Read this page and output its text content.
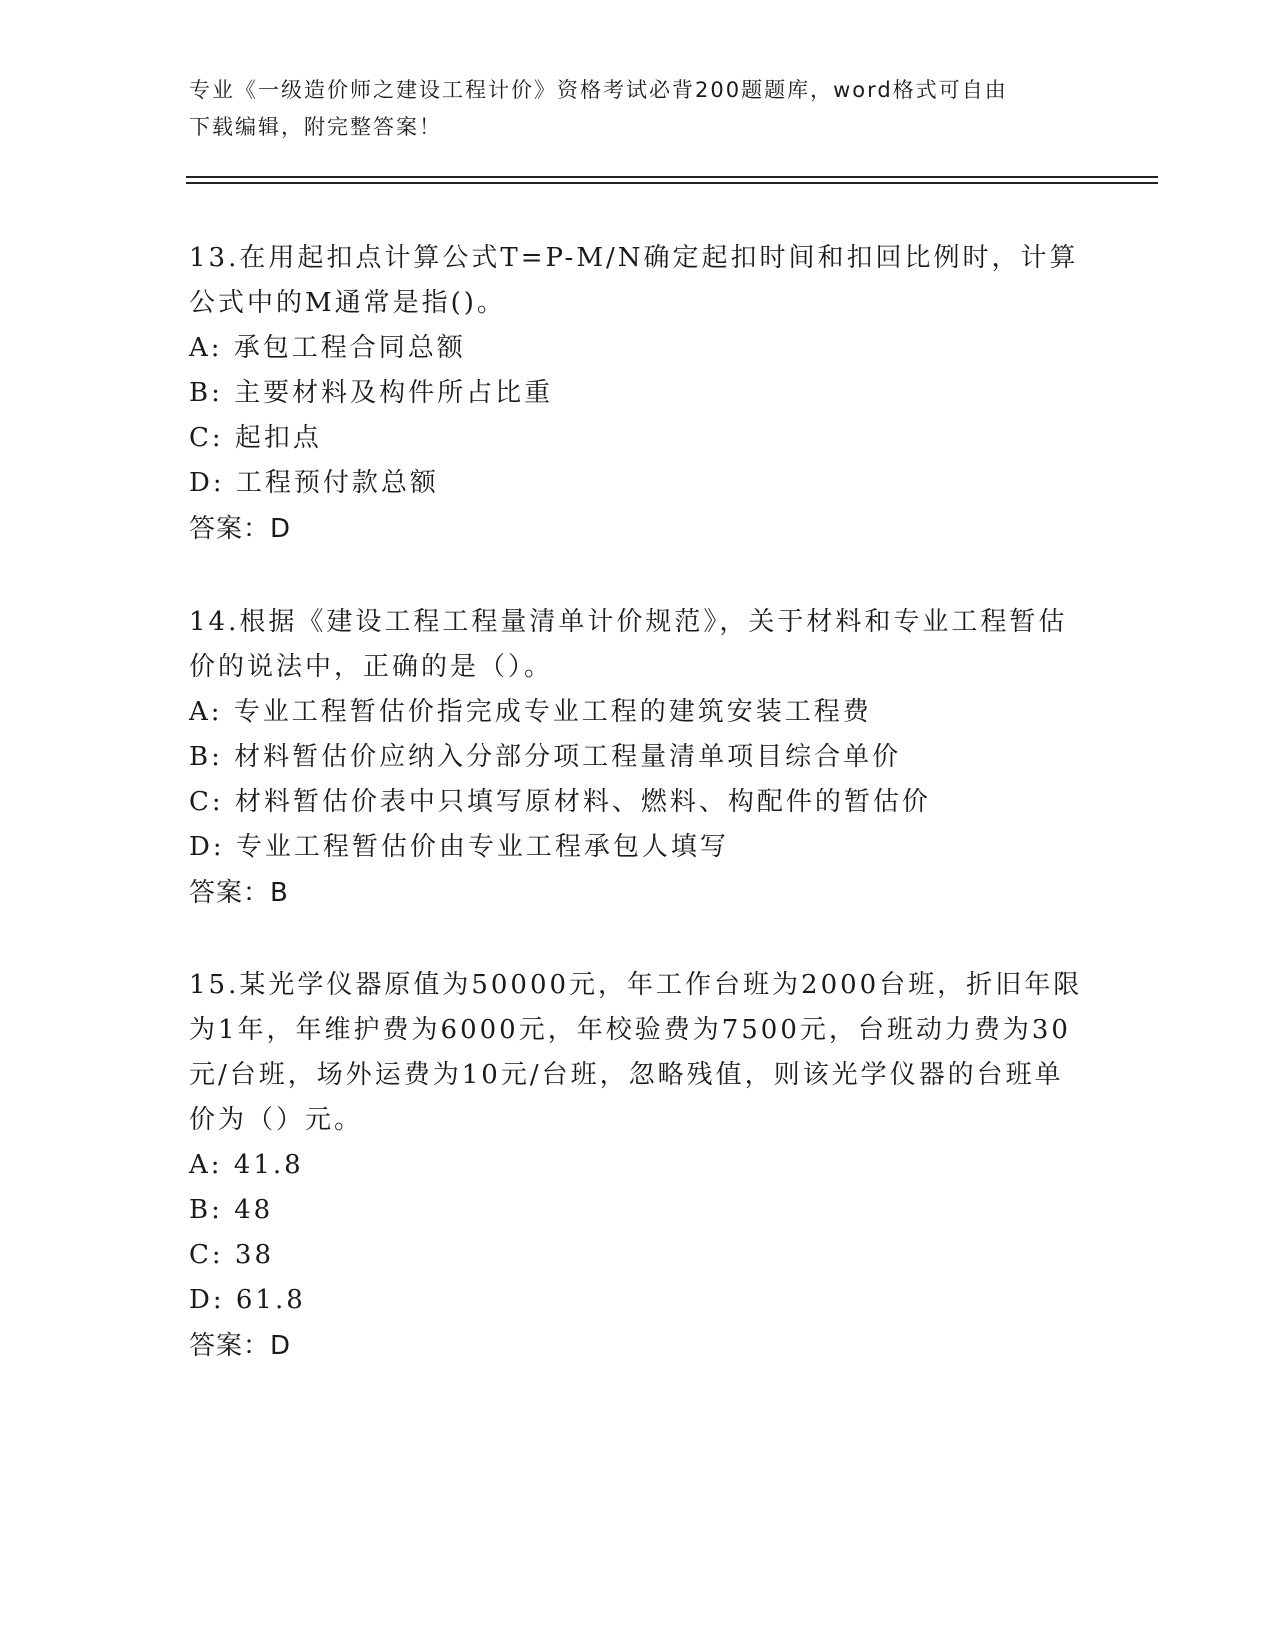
专业《一级造价师之建设工程计价》资格考试必背200题题库，word格式可自由
下载编辑，附完整答案！

13.在用起扣点计算公式T=P-M/N确定起扣时间和扣回比例时，计算公式中的M通常是指()。

A: 承包工程合同总额

B: 主要材料及构件所占比重

C: 起扣点

D: 工程预付款总额

答案：D

14.根据《建设工程工程量清单计价规范》，关于材料和专业工程暂估价的说法中，正确的是（）。

A: 专业工程暂估价指完成专业工程的建筑安装工程费

B: 材料暂估价应纳入分部分项工程量清单项目综合单价

C: 材料暂估价表中只填写原材料、燃料、构配件的暂估价

D: 专业工程暂估价由专业工程承包人填写

答案：B

15.某光学仪器原值为50000元，年工作台班为2000台班，折旧年限为1年，年维护费为6000元，年校验费为7500元，台班动力费为30元/台班，场外运费为10元/台班，忽略残值，则该光学仪器的台班单价为（）元。

A: 41.8

B: 48

C: 38

D: 61.8

答案：D
